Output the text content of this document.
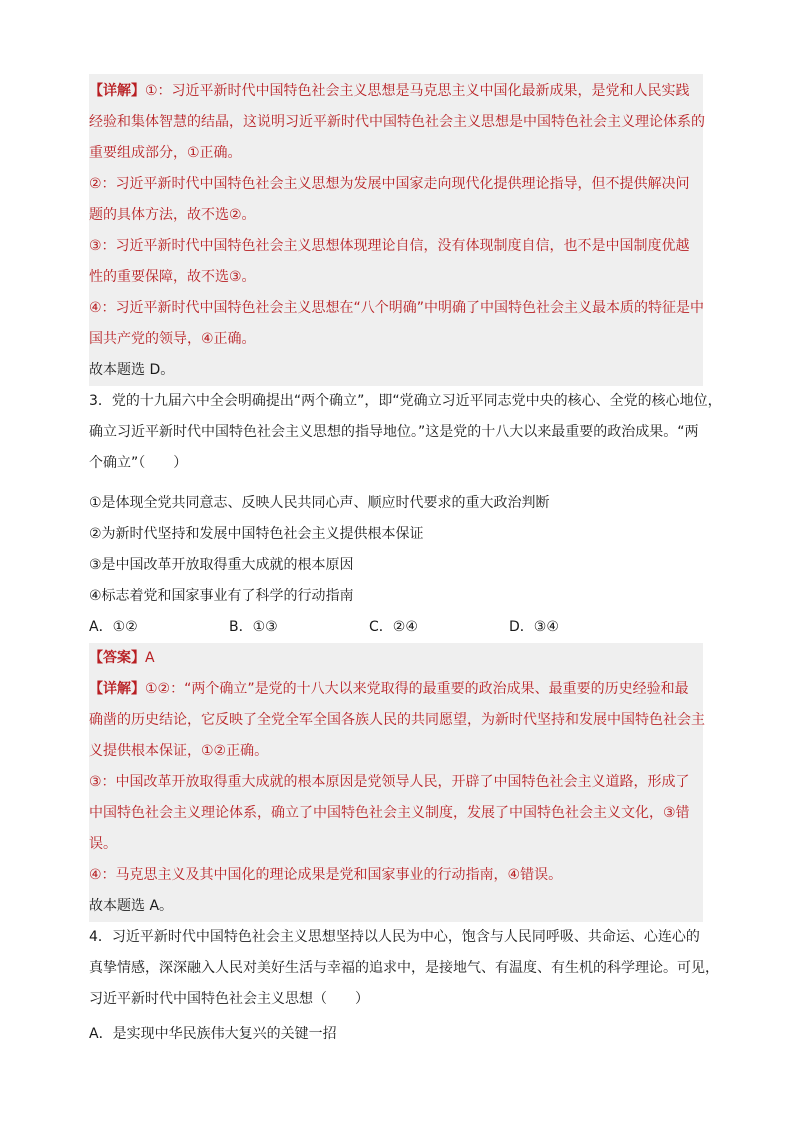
【详解】①：习近平新时代中国特色社会主义思想是马克思主义中国化最新成果，是党和人民实践
经验和集体智慧的结晶，这说明习近平新时代中国特色社会主义思想是中国特色社会主义理论体系的
重要组成部分，①正确。
②：习近平新时代中国特色社会主义思想为发展中国家走向现代化提供理论指导，但不提供解决问
题的具体方法，故不选②。
③：习近平新时代中国特色社会主义思想体现理论自信，没有体现制度自信，也不是中国制度优越
性的重要保障，故不选③。
④：习近平新时代中国特色社会主义思想在“八个明确”中明确了中国特色社会主义最本质的特征是中
国共产党的领导，④正确。
故本题选 D。
3．党的十九届六中全会明确提出“两个确立”，即“党确立习近平同志党中央的核心、全党的核心地位，
确立习近平新时代中国特色社会主义思想的指导地位。”这是党的十八大以来最重要的政治成果。“两
个确立”（　　）
①是体现全党共同意志、反映人民共同心声、顺应时代要求的重大政治判断
②为新时代坚持和发展中国特色社会主义提供根本保证
③是中国改革开放取得重大成就的根本原因
④标志着党和国家事业有了科学的行动指南
A．①②	B．①③	C．②④	D．③④
【答案】A
【详解】①②：“两个确立”是党的十八大以来党取得的最重要的政治成果、最重要的历史经验和最
确凿的历史结论，它反映了全党全军全国各族人民的共同愿望，为新时代坚持和发展中国特色社会主
义提供根本保证，①②正确。
③：中国改革开放取得重大成就的根本原因是党领导人民，开辟了中国特色社会主义道路，形成了
中国特色社会主义理论体系，确立了中国特色社会主义制度，发展了中国特色社会主义文化，③错
误。
④：马克思主义及其中国化的理论成果是党和国家事业的行动指南，④错误。
故本题选 A。
4．习近平新时代中国特色社会主义思想坚持以人民为中心，饱含与人民同呼吸、共命运、心连心的
真挚情感，深深融入人民对美好生活与幸福的追求中，是接地气、有温度、有生机的科学理论。可见，
习近平新时代中国特色社会主义思想（　　）
A．是实现中华民族伟大复兴的关键一招
